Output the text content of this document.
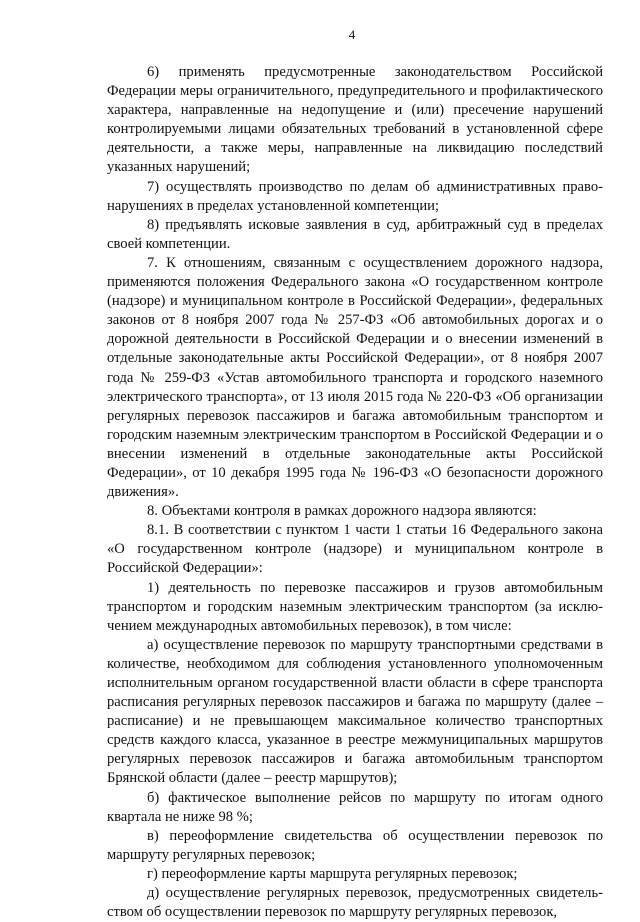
4

6) применять предусмотренные законодательством Российской Федерации меры ограничительного, предупредительного и профилактического характера, направленные на недопущение и (или) пресечение нарушений контролируемыми лицами обязательных требований в установленной сфере деятельности, а также меры, направленные на ликвидацию последствий указанных нарушений;

7) осуществлять производство по делам об административных правонарушениях в пределах установленной компетенции;

8) предъявлять исковые заявления в суд, арбитражный суд в пределах своей компетенции.

7. К отношениям, связанным с осуществлением дорожного надзора, применяются положения Федерального закона «О государственном контроле (надзоре) и муниципальном контроле в Российской Федерации», федеральных законов от 8 ноября 2007 года № 257-ФЗ «Об автомобильных дорогах и о дорожной деятельности в Российской Федерации и о внесении изменений в отдельные законодательные акты Российской Федерации», от 8 ноября 2007 года № 259-ФЗ «Устав автомобильного транспорта и городского наземного электрического транспорта», от 13 июля 2015 года № 220-ФЗ «Об организации регулярных перевозок пассажиров и багажа автомобильным транспортом и городским наземным электрическим транспортом в Российской Федерации и о внесении изменений в отдельные законодательные акты Российской Федерации», от 10 декабря 1995 года № 196-ФЗ «О безопасности дорожного движения».

8. Объектами контроля в рамках дорожного надзора являются:

8.1. В соответствии с пунктом 1 части 1 статьи 16 Федерального закона «О государственном контроле (надзоре) и муниципальном контроле в Российской Федерации»:

1) деятельность по перевозке пассажиров и грузов автомобильным транспортом и городским наземным электрическим транспортом (за исключением международных автомобильных перевозок), в том числе:

а) осуществление перевозок по маршруту транспортными средствами в количестве, необходимом для соблюдения установленного уполномоченным исполнительным органом государственной власти области в сфере транспорта расписания регулярных перевозок пассажиров и багажа по маршруту (далее – расписание) и не превышающем максимальное количество транспортных средств каждого класса, указанное в реестре межмуниципальных маршрутов регулярных перевозок пассажиров и багажа автомобильным транспортом Брянской области (далее – реестр маршрутов);

б) фактическое выполнение рейсов по маршруту по итогам одного квартала не ниже 98 %;

в) переоформление свидетельства об осуществлении перевозок по маршруту регулярных перевозок;

г) переоформление карты маршрута регулярных перевозок;

д) осуществление регулярных перевозок, предусмотренных свидетельством об осуществлении перевозок по маршруту регулярных перевозок,
